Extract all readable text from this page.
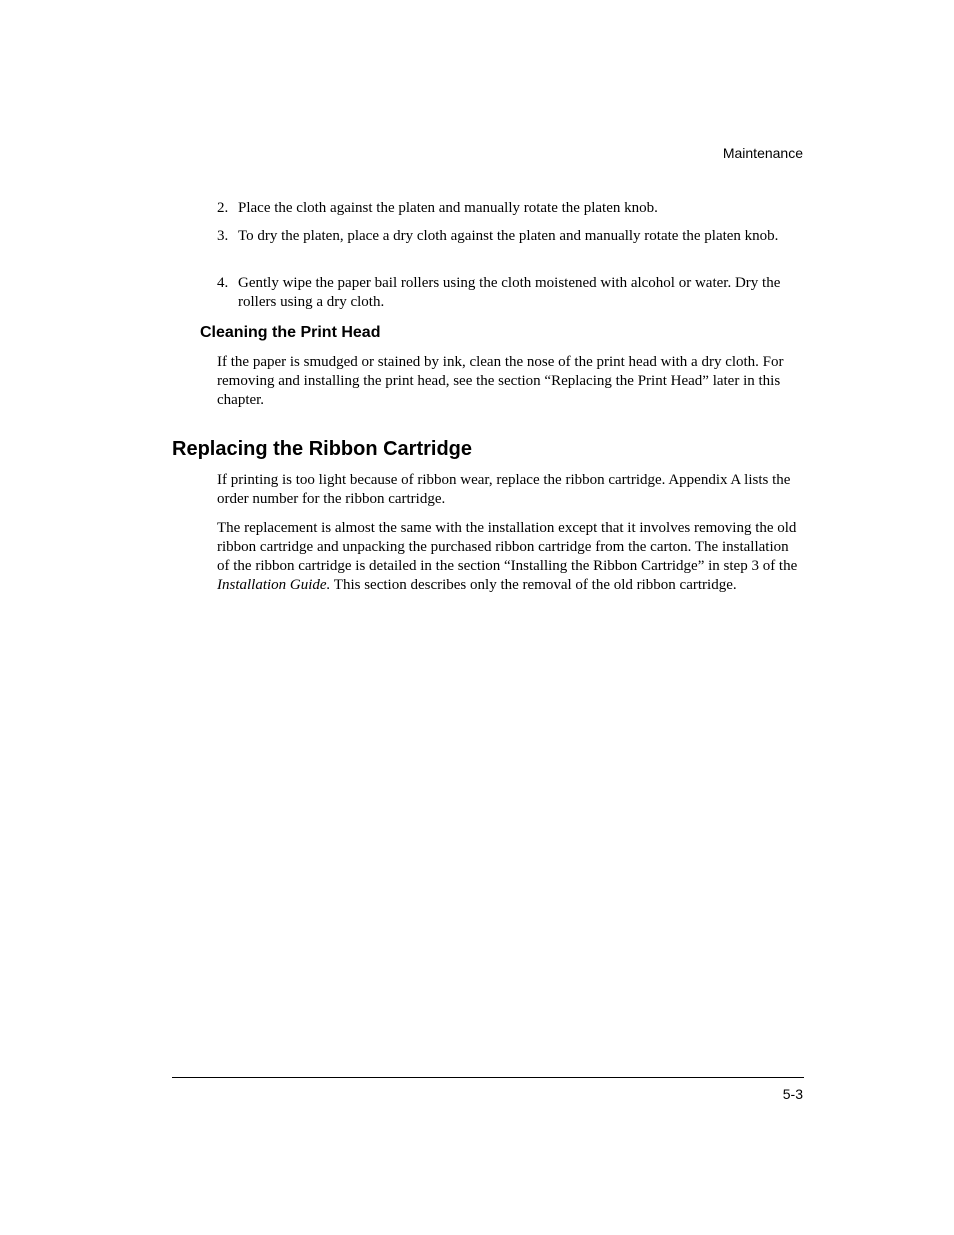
Maintenance
2. Place the cloth against the platen and manually rotate the platen knob.
3. To dry the platen, place a dry cloth against the platen and manually rotate the platen knob.
4. Gently wipe the paper bail rollers using the cloth moistened with alcohol or water. Dry the rollers using a dry cloth.
Cleaning the Print Head

If the paper is smudged or stained by ink, clean the nose of the print head with a dry cloth. For removing and installing the print head, see the section “Replacing the Print Head” later in this chapter.

Replacing the Ribbon Cartridge

If printing is too light because of ribbon wear, replace the ribbon cartridge. Appendix A lists the order number for the ribbon cartridge.

The replacement is almost the same with the installation except that it involves removing the old ribbon cartridge and unpacking the purchased ribbon cartridge from the carton. The installation of the ribbon cartridge is detailed in the section “Installing the Ribbon Cartridge” in step 3 of the Installation Guide. This section describes only the removal of the old ribbon cartridge.

5-3
